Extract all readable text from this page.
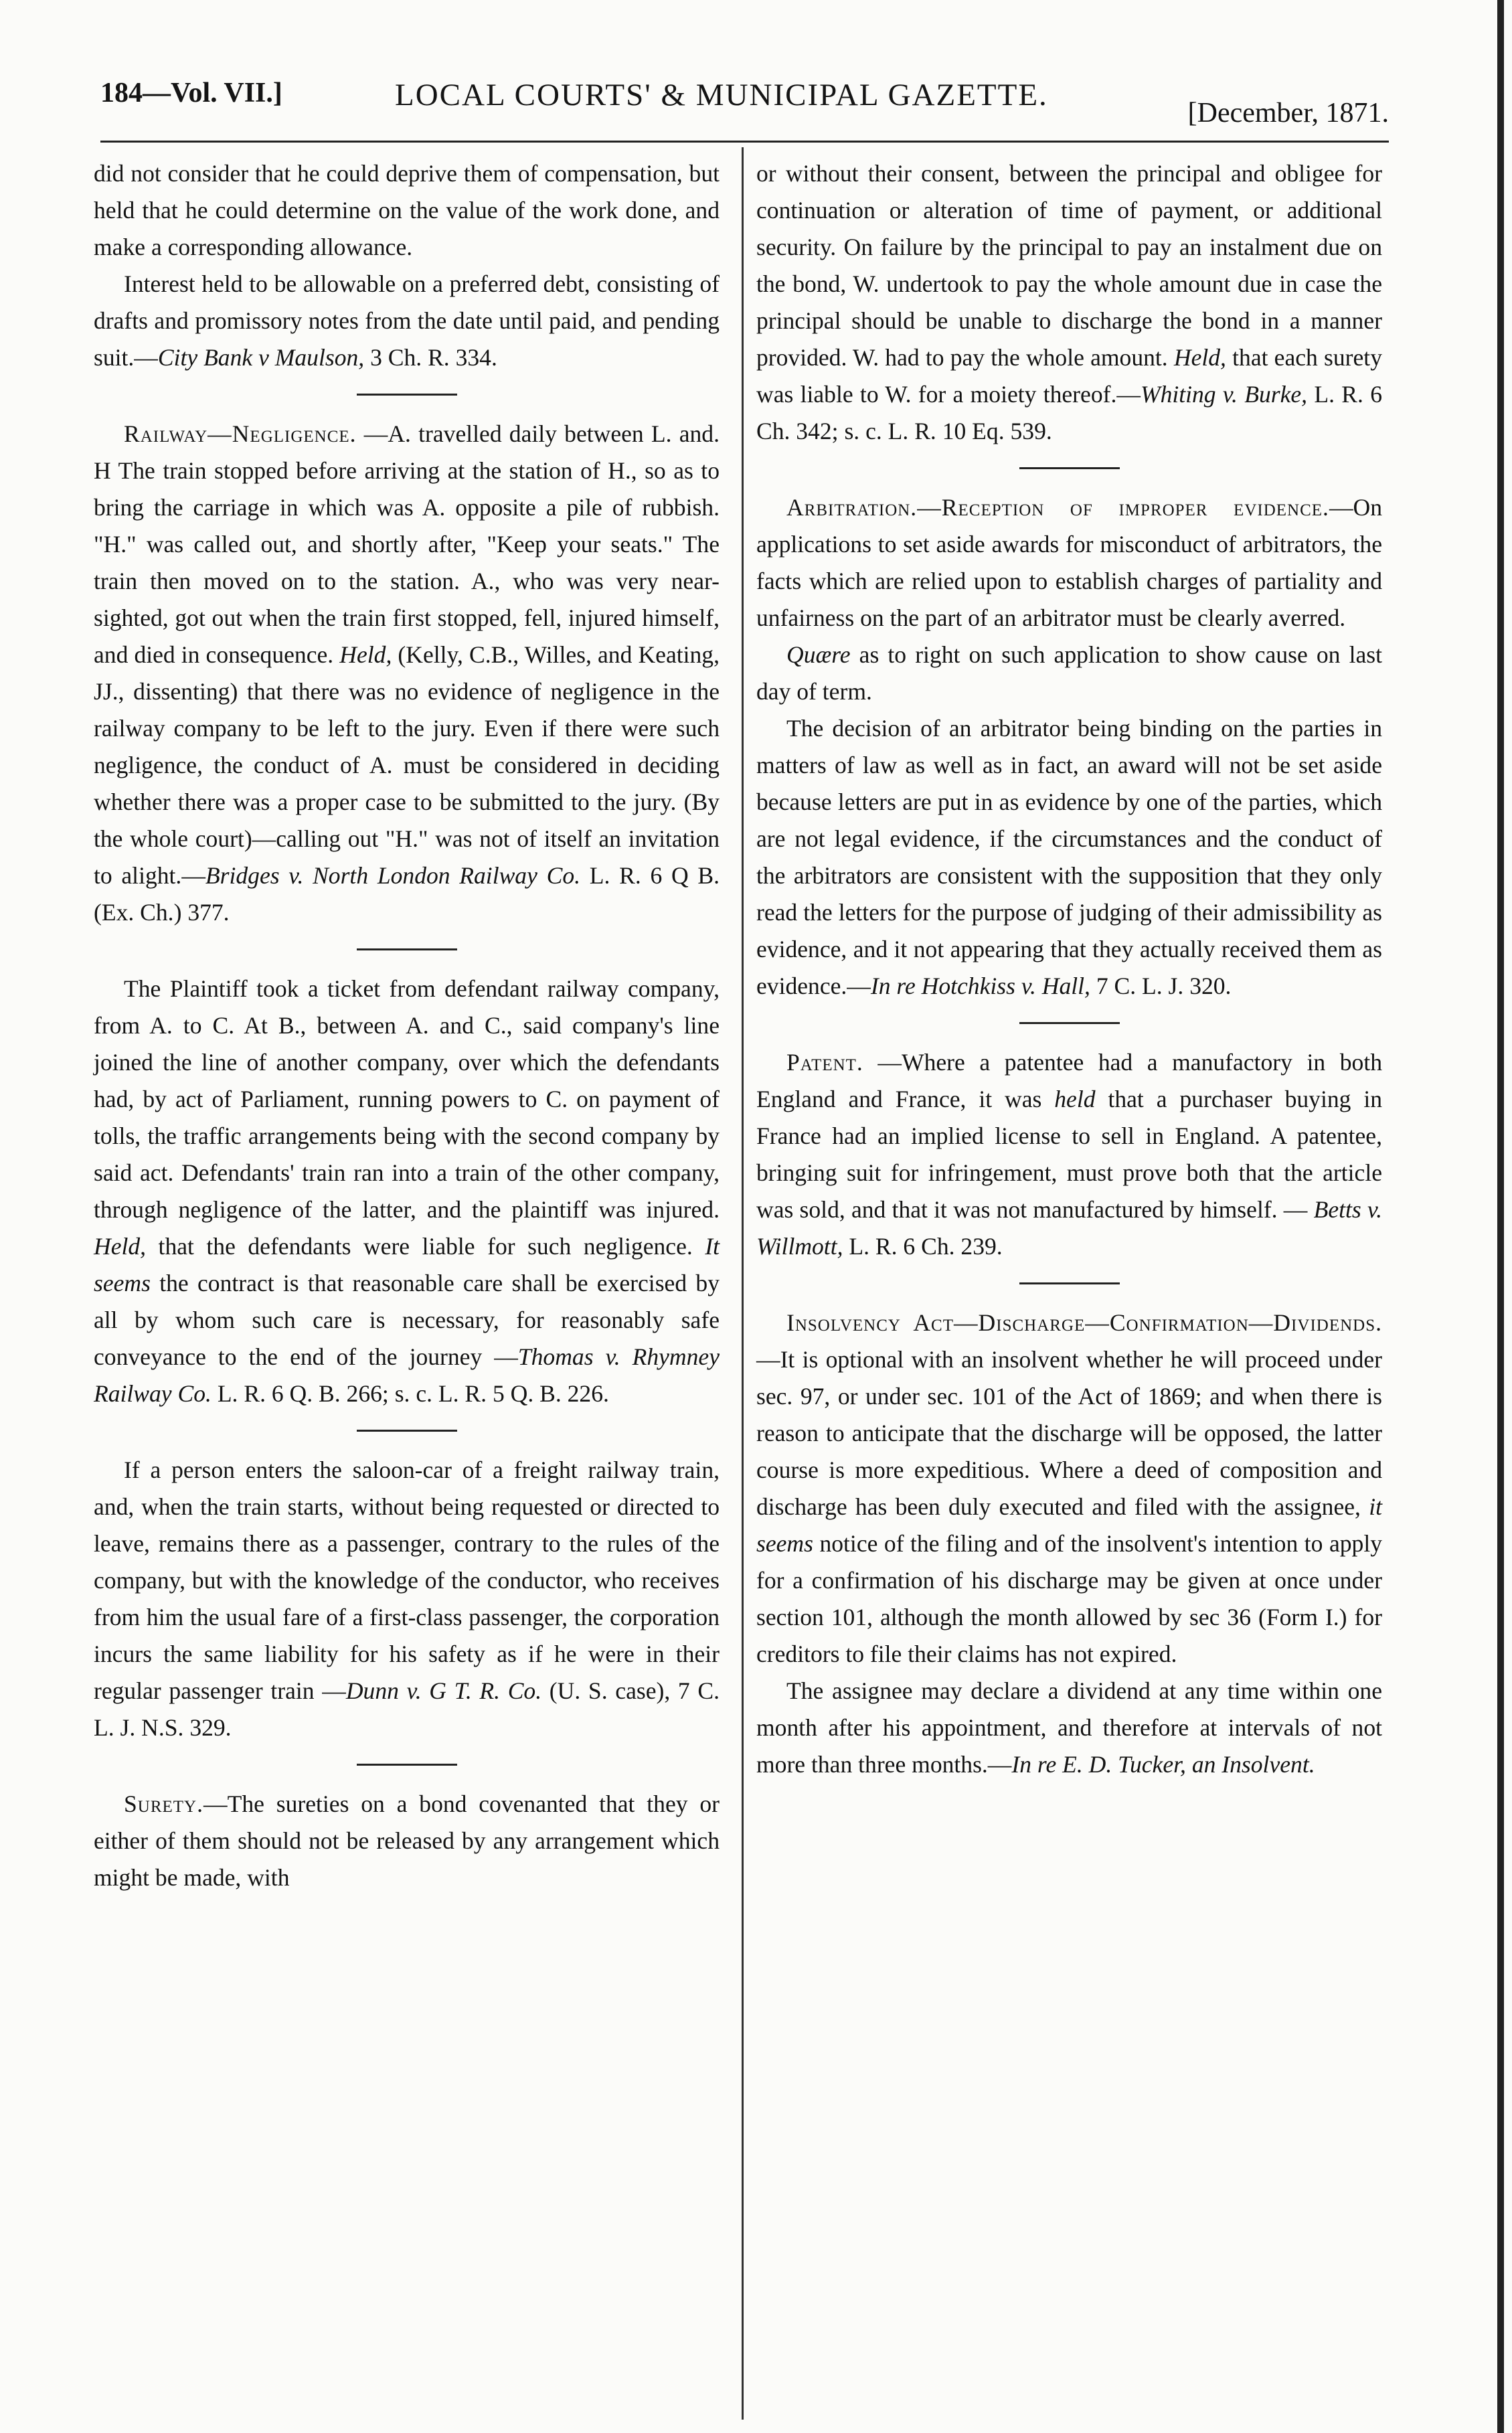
184—Vol. VII.]	LOCAL COURTS' & MUNICIPAL GAZETTE.
[December, 1871.

did not consider that he could deprive them of compensation, but held that he could determine on the value of the work done, and make a corresponding allowance.

Interest held to be allowable on a preferred debt, consisting of drafts and promissory notes from the date until paid, and pending suit.—City Bank v Maulson, 3 Ch. R. 334.

Railway—Negligence. —A. travelled daily between L. and. H The train stopped before arriving at the station of H., so as to bring the carriage in which was A. opposite a pile of rubbish. "H." was called out, and shortly after, "Keep your seats." The train then moved on to the station. A., who was very near-sighted, got out when the train first stopped, fell, injured himself, and died in consequence. Held, (Kelly, C.B., Willes, and Keating, JJ., dissenting) that there was no evidence of negligence in the railway company to be left to the jury. Even if there were such negligence, the conduct of A. must be considered in deciding whether there was a proper case to be submitted to the jury. (By the whole court)—calling out "H." was not of itself an invitation to alight.—Bridges v. North London Railway Co. L. R. 6 Q B. (Ex. Ch.) 377.

The Plaintiff took a ticket from defendant railway company, from A. to C. At B., between A. and C., said company's line joined the line of another company, over which the defendants had, by act of Parliament, running powers to C. on payment of tolls, the traffic arrangements being with the second company by said act. Defendants' train ran into a train of the other company, through negligence of the latter, and the plaintiff was injured. Held, that the defendants were liable for such negligence. It seems the contract is that reasonable care shall be exercised by all by whom such care is necessary, for reasonably safe conveyance to the end of the journey —Thomas v. Rhymney Railway Co. L. R. 6 Q. B. 266; s. c. L. R. 5 Q. B. 226.

If a person enters the saloon-car of a freight railway train, and, when the train starts, without being requested or directed to leave, remains there as a passenger, contrary to the rules of the company, but with the knowledge of the conductor, who receives from him the usual fare of a first-class passenger, the corporation incurs the same liability for his safety as if he were in their regular passenger train —Dunn v. G T. R. Co. (U. S. case), 7 C. L. J. N.S. 329.

Surety.—The sureties on a bond covenanted that they or either of them should not be released by any arrangement which might be made, with

or without their consent, between the principal and obligee for continuation or alteration of time of payment, or additional security. On failure by the principal to pay an instalment due on the bond, W. undertook to pay the whole amount due in case the principal should be unable to discharge the bond in a manner provided. W. had to pay the whole amount. Held, that each surety was liable to W. for a moiety thereof.—Whiting v. Burke, L. R. 6 Ch. 342; s. c. L. R. 10 Eq. 539.

Arbitration.—Reception of improper evidence.—On applications to set aside awards for misconduct of arbitrators, the facts which are relied upon to establish charges of partiality and unfairness on the part of an arbitrator must be clearly averred.

Quære as to right on such application to show cause on last day of term.

The decision of an arbitrator being binding on the parties in matters of law as well as in fact, an award will not be set aside because letters are put in as evidence by one of the parties, which are not legal evidence, if the circumstances and the conduct of the arbitrators are consistent with the supposition that they only read the letters for the purpose of judging of their admissibility as evidence, and it not appearing that they actually received them as evidence.—In re Hotchkiss v. Hall, 7 C. L. J. 320.

Patent. —Where a patentee had a manufactory in both England and France, it was held that a purchaser buying in France had an implied license to sell in England. A patentee, bringing suit for infringement, must prove both that the article was sold, and that it was not manufactured by himself. — Betts v. Willmott, L. R. 6 Ch. 239.

Insolvency Act—Discharge—Confirmation—Dividends.—It is optional with an insolvent whether he will proceed under sec. 97, or under sec. 101 of the Act of 1869; and when there is reason to anticipate that the discharge will be opposed, the latter course is more expeditious. Where a deed of composition and discharge has been duly executed and filed with the assignee, it seems notice of the filing and of the insolvent's intention to apply for a confirmation of his discharge may be given at once under section 101, although the month allowed by sec 36 (Form I.) for creditors to file their claims has not expired.

The assignee may declare a dividend at any time within one month after his appointment, and therefore at intervals of not more than three months.—In re E. D. Tucker, an Insolvent.
